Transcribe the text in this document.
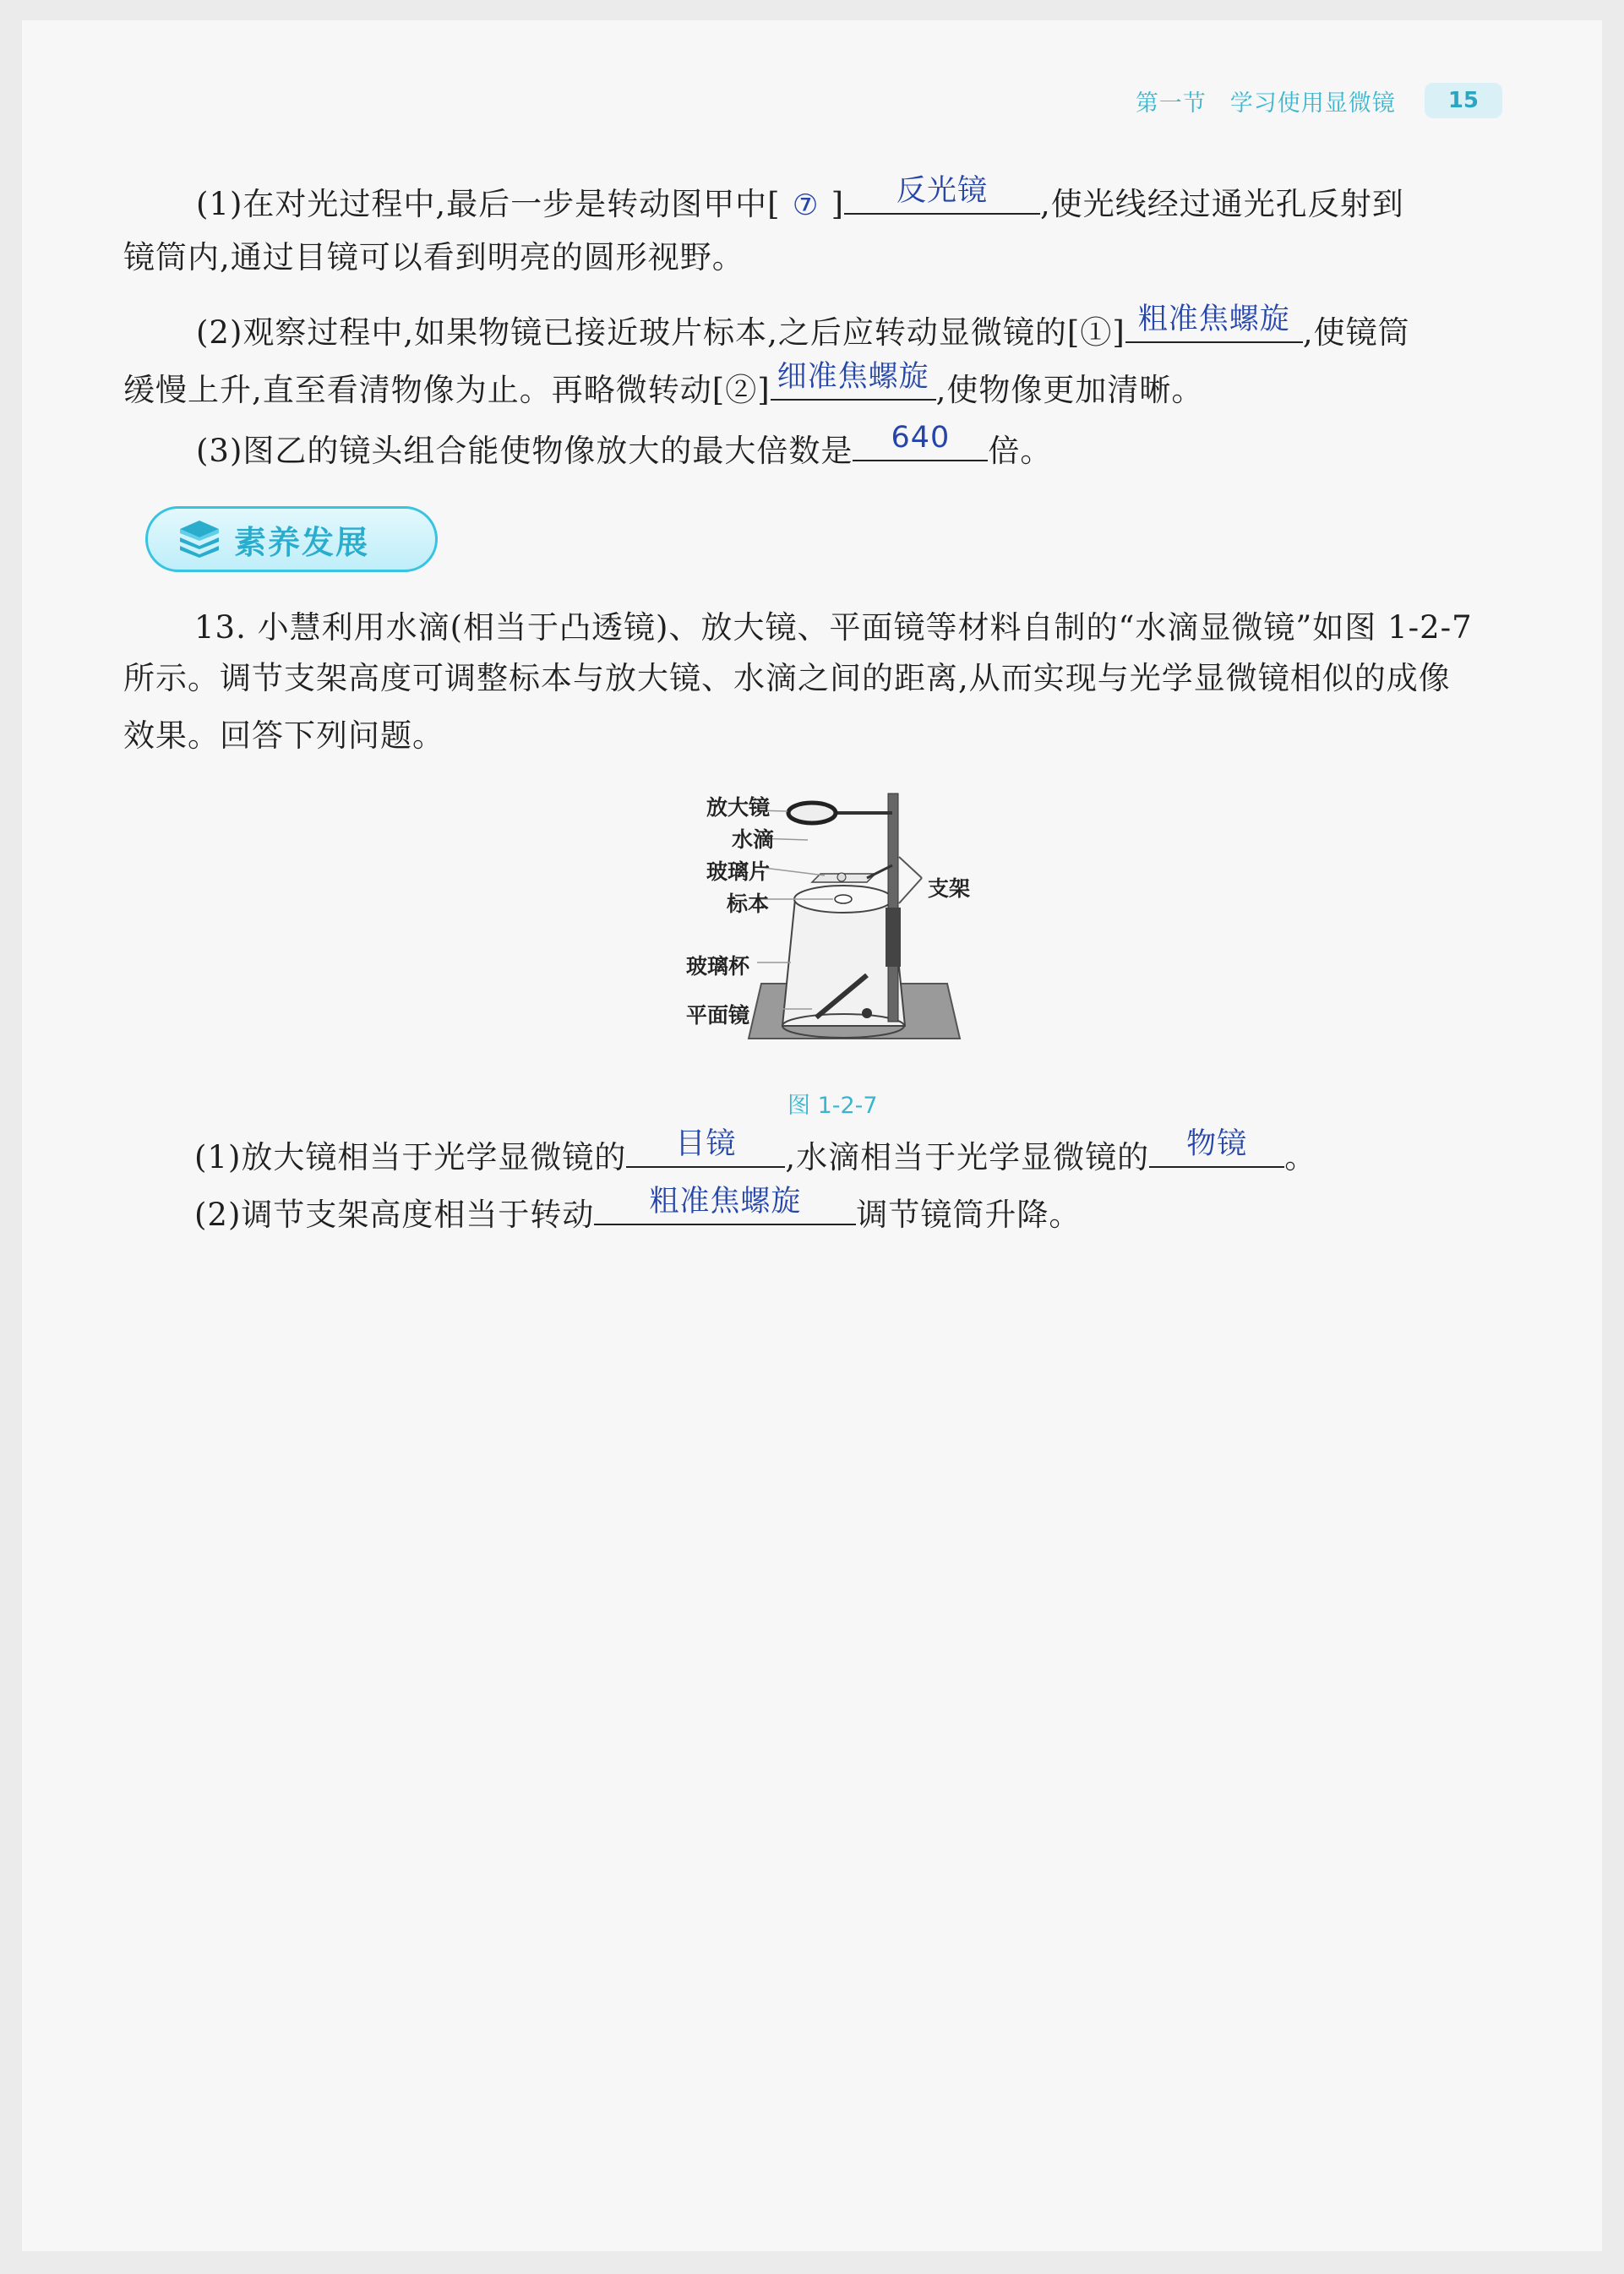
第一节　学习使用显微镜	15
(1)在对光过程中,最后一步是转动图甲中[ ⑦ ]	反光镜	,使光线经过通光孔反射到
镜筒内,通过目镜可以看到明亮的圆形视野。
(2)观察过程中,如果物镜已接近玻片标本,之后应转动显微镜的[①] 粗准焦螺旋 ,使镜筒
缓慢上升,直至看清物像为止。再略微转动[②] 细准焦螺旋 ,使物像更加清晰。
(3)图乙的镜头组合能使物像放大的最大倍数是	640	倍。
素养发展
13. 小慧利用水滴(相当于凸透镜)、放大镜、平面镜等材料自制的“水滴显微镜”如图 1-2-7
所示。调节支架高度可调整标本与放大镜、水滴之间的距离,从而实现与光学显微镜相似的成像
效果。回答下列问题。
放大镜
水滴
玻璃片
标本
玻璃杯
平面镜
支架
图 1-2-7
(1)放大镜相当于光学显微镜的	目镜	,水滴相当于光学显微镜的	物镜	。
(2)调节支架高度相当于转动	粗准焦螺旋	调节镜筒升降。
